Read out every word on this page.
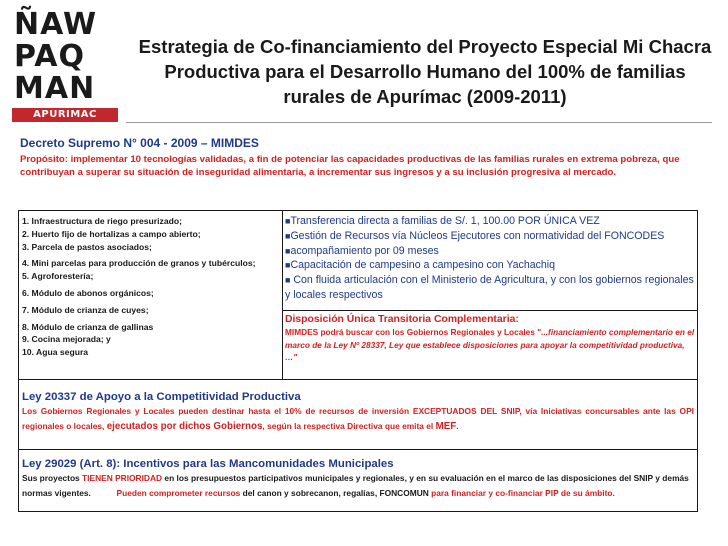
ÑAW
PAQ
MAN
APURIMAC
Estrategia de Co-financiamiento del Proyecto Especial Mi Chacra Productiva para el Desarrollo Humano del 100% de familias rurales de Apurímac (2009-2011)
Decreto Supremo N° 004 - 2009 – MIMDES
Propósito: implementar 10 tecnologías validadas, a fin de potenciar las capacidades productivas de las familias rurales en extrema pobreza, que contribuyan a superar su situación de inseguridad alimentaria, a incrementar sus ingresos y a su inclusión progresiva al mercado.
1. Infraestructura de riego presurizado;
2. Huerto fijo de hortalizas a campo abierto;
3. Parcela de pastos asociados;
4. Mini parcelas para producción de granos y tubérculos;
5. Agroforestería;
6. Módulo de abonos orgánicos;
7. Módulo de crianza de cuyes;
8. Módulo de crianza de gallinas
9. Cocina mejorada; y
10. Agua segura
■Transferencia directa a familias de S/. 1, 100.00 POR ÚNICA VEZ
■Gestión de Recursos vía Núcleos Ejecutores con normatividad del FONCODES
■acompañamiento por 09 meses
■Capacitación de campesino a campesino con Yachachiq
■ Con fluida articulación con el Ministerio de Agricultura, y con los gobiernos regionales y locales respectivos
Disposición Única Transitoria Complementaria:
MIMDES podrá buscar con los Gobiernos Regionales y Locales "...financiamiento complementario en el marco de la Ley Nº 28337, Ley que establece disposiciones para apoyar la competitividad productiva, …"
Ley 20337 de Apoyo a la Competitividad Productiva
Los Gobiernos Regionales y Locales pueden destinar hasta el 10% de recursos de inversión EXCEPTUADOS DEL SNIP, vía Iniciativas concursables ante las OPI regionales o locales, ejecutados por dichos Gobiernos, según la respectiva Directiva que emita el MEF.
Ley 29029 (Art. 8): Incentivos para las Mancomunidades Municipales
Sus proyectos TIENEN PRIORIDAD en los presupuestos participativos municipales y regionales, y en su evaluación en el marco de las disposiciones del SNIP y demás normas vigentes.	Pueden comprometer recursos del canon y sobrecanon, regalías, FONCOMUN para financiar y co-financiar PIP de su ámbito.
